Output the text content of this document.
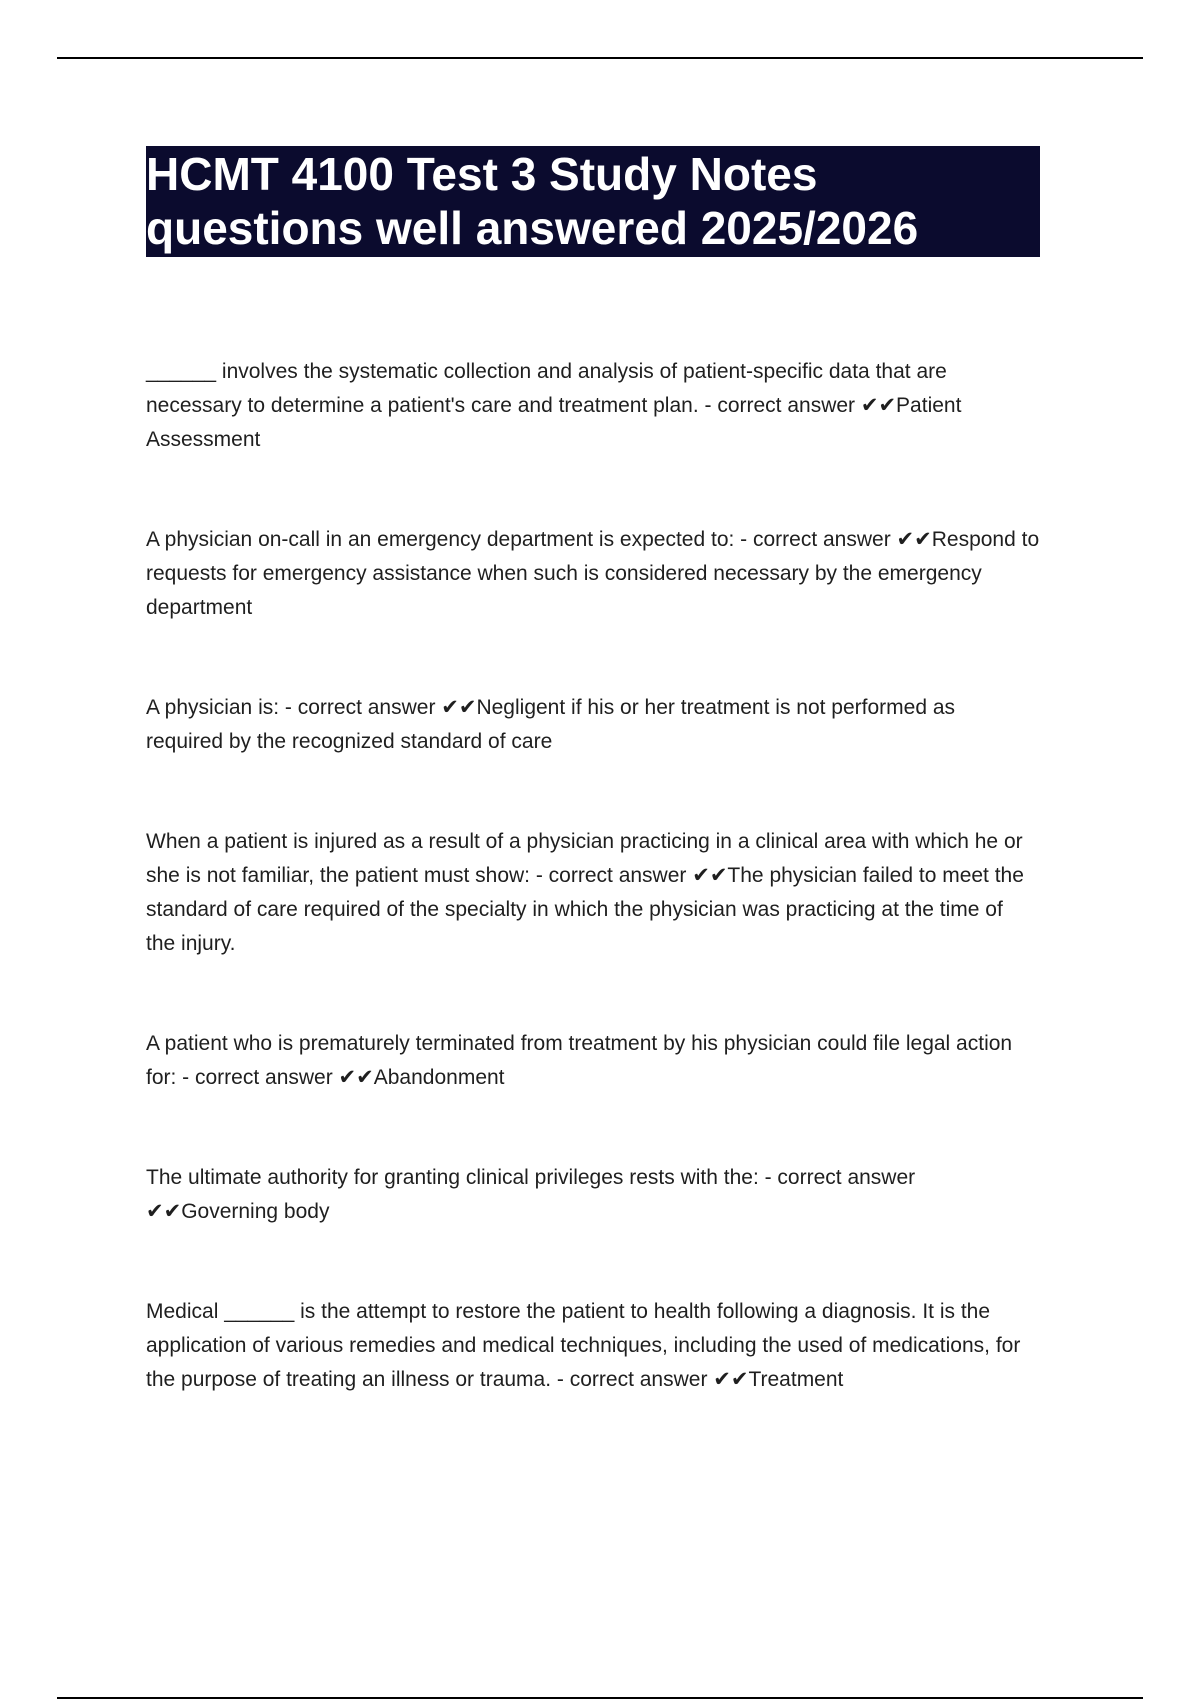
HCMT 4100 Test 3 Study Notes
questions well answered 2025/2026
______ involves the systematic collection and analysis of patient-specific data that are
necessary to determine a patient's care and treatment plan. - correct answer ✔✔Patient
Assessment
A physician on-call in an emergency department is expected to: - correct answer ✔✔Respond to
requests for emergency assistance when such is considered necessary by the emergency
department
A physician is: - correct answer ✔✔Negligent if his or her treatment is not performed as
required by the recognized standard of care
When a patient is injured as a result of a physician practicing in a clinical area with which he or
she is not familiar, the patient must show: - correct answer ✔✔The physician failed to meet the
standard of care required of the specialty in which the physician was practicing at the time of
the injury.
A patient who is prematurely terminated from treatment by his physician could file legal action
for: - correct answer ✔✔Abandonment
The ultimate authority for granting clinical privileges rests with the: - correct answer
✔✔Governing body
Medical ______ is the attempt to restore the patient to health following a diagnosis. It is the
application of various remedies and medical techniques, including the used of medications, for
the purpose of treating an illness or trauma. - correct answer ✔✔Treatment
